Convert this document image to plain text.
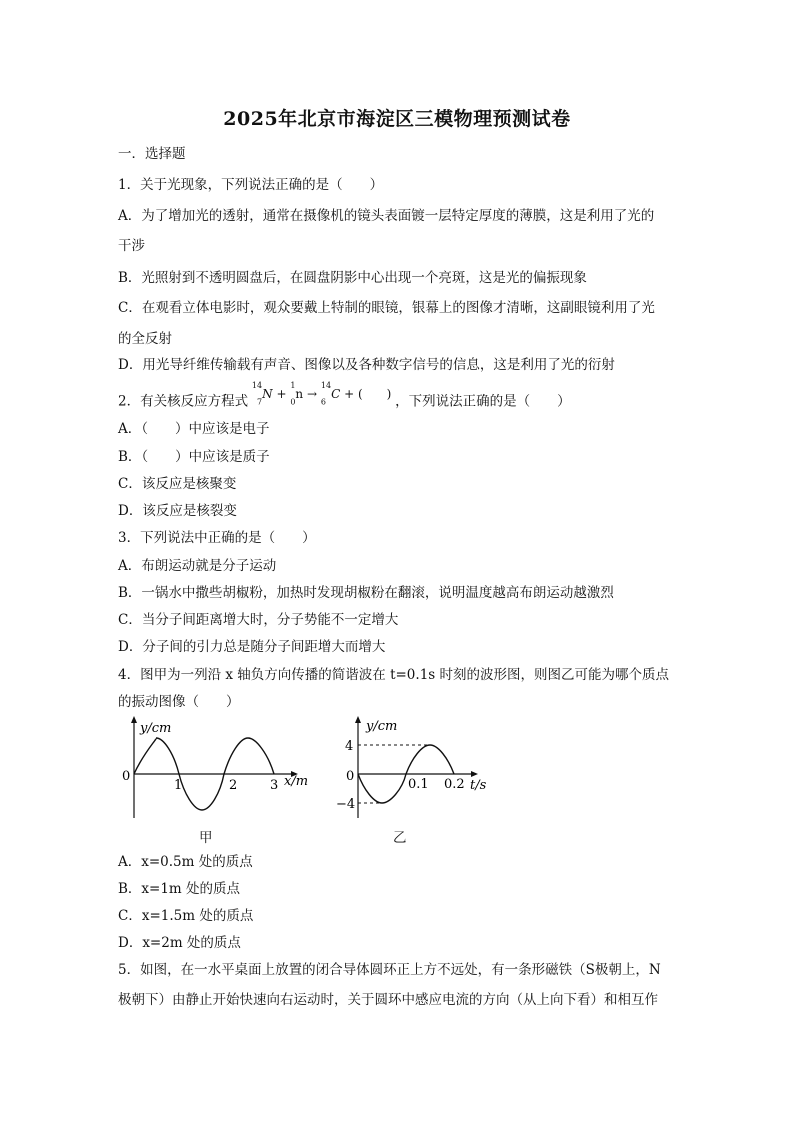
2025年北京市海淀区三模物理预测试卷
一．选择题
1．关于光现象，下列说法正确的是（　　）
A．为了增加光的透射，通常在摄像机的镜头表面镀一层特定厚度的薄膜，这是利用了光的
干涉
B．光照射到不透明圆盘后，在圆盘阴影中心出现一个亮斑，这是光的偏振现象
C．在观看立体电影时，观众要戴上特制的眼镜，银幕上的图像才清晰，这副眼镜利用了光
的全反射
D．用光导纤维传输载有声音、图像以及各种数字信号的信息，这是利用了光的衍射
2．有关核反应方程式 $^{14}$
$_7$N + $^1$
$_0$n → $^{14}$
$_6$C + (　　) ，下列说法正确的是（　　）
A．（　　）中应该是电子
B．（　　）中应该是质子
C．该反应是核聚变
D．该反应是核裂变
3．下列说法中正确的是（　　）
A．布朗运动就是分子运动
B．一锅水中撒些胡椒粉，加热时发现胡椒粉在翻滚，说明温度越高布朗运动越激烈
C．当分子间距离增大时，分子势能不一定增大
D．分子间的引力总是随分子间距增大而增大
4．图甲为一列沿 x 轴负方向传播的简谐波在 t=0.1s 时刻的波形图，则图乙可能为哪个质点
的振动图像（　　）
y/cm
0
1	2	3 x/m
甲
y/cm
4
0
−4
0.1 0.2 t/s
乙
A．x=0.5m 处的质点
B．x=1m 处的质点
C．x=1.5m 处的质点
D．x=2m 处的质点
5．如图，在一水平桌面上放置的闭合导体圆环正上方不远处，有一条形磁铁（S极朝上，N
极朝下）由静止开始快速向右运动时，关于圆环中感应电流的方向（从上向下看）和相互作
